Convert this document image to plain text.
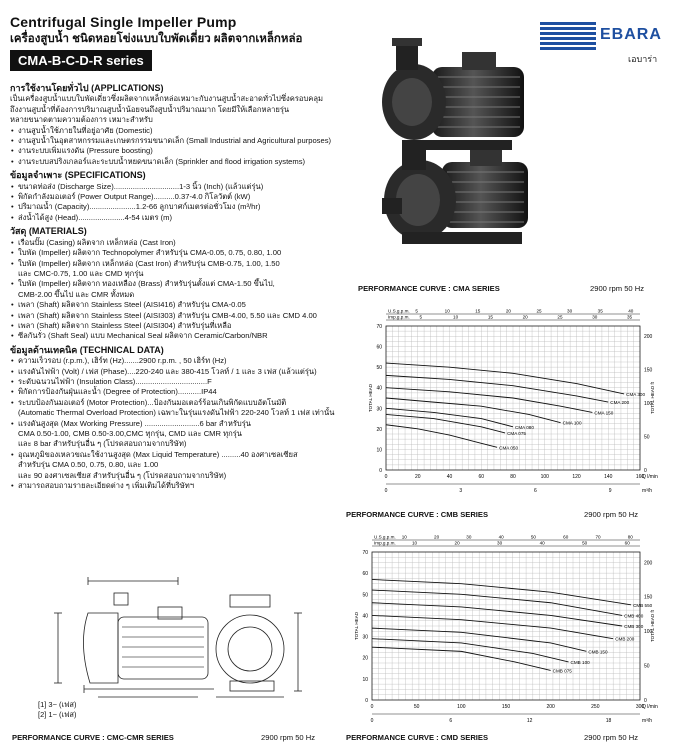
Centrifugal Single Impeller Pump
เครื่องสูบน้ำ ชนิดหอยโข่งแบบใบพัดเดี่ยว ผลิตจากเหล็กหล่อ
CMA-B-C-D-R series
EBARA
เอบาร่า
การใช้งานโดยทั่วไป (APPLICATIONS)

เป็นเครื่องสูบน้ำแบบใบพัดเดี่ยวซึ่งผลิตจากเหล็กหล่อเหมาะกับงานสูบน้ำสะอาดทั่วไปซึ่งครอบคลุม

ถึงงานสูบน้ำที่ต้องการปริมาณสูบน้ำน้อยจนถึงสูบน้ำปริมาณมาก โดยมีให้เลือกหลายรุ่น

หลายขนาดตามความต้องการ เหมาะสำหรับ

• งานสูบน้ำใช้ภายในที่อยู่อาศัย (Domestic)
• งานสูบน้ำในอุตสาหกรรมและเกษตรกรรมขนาดเล็ก (Small Industrial and Agricultural purposes)
• งานระบบเพิ่มแรงดัน (Pressure boosting)
• งานระบบสปริงเกลอร์และระบบน้ำหยดขนาดเล็ก (Sprinkler and flood irrigation systems)
ข้อมูลจำเพาะ (SPECIFICATIONS)
• ขนาดท่อส่ง (Discharge Size)...............................1-3 นิ้ว (Inch) (แล้วแต่รุ่น)
• พิกัดกำลังมอเตอร์ (Power Output Range)..........0.37-4.0 กิโลวัตต์ (kW)
• ปริมาณน้ำ (Capacity)......................1.2-66 ลูกบาศก์เมตรต่อชั่วโมง (m³/hr)
• ส่งน้ำได้สูง (Head)......................4-54 เมตร (m)
วัสดุ (MATERIALS)
• เรือนปั๊ม (Casing) ผลิตจาก เหล็กหล่อ (Cast Iron)
• ใบพัด (Impeller) ผลิตจาก Technopolymer สำหรับรุ่น CMA-0.05, 0.75, 0.80, 1.00
• ใบพัด (Impeller) ผลิตจาก เหล็กหล่อ (Cast Iron) สำหรับรุ่น CMB-0.75, 1.00, 1.50

และ CMC-0.75, 1.00 และ CMD ทุกรุ่น

• ใบพัด (Impeller) ผลิตจาก ทองเหลือง (Brass) สำหรับรุ่นตั้งแต่ CMA-1.50 ขึ้นไป,

CMB-2.00 ขึ้นไป และ CMR ทั้งหมด

• เพลา (Shaft) ผลิตจาก Stainless Steel (AISI416) สำหรับรุ่น CMA-0.05
• เพลา (Shaft) ผลิตจาก Stainless Steel (AISI303) สำหรับรุ่น CMB-4.00, 5.50 และ CMD 4.00
• เพลา (Shaft) ผลิตจาก Stainless Steel (AISI304) สำหรับรุ่นที่เหลือ
• ซีลกันรั่ว (Shaft Seal) แบบ Mechanical Seal ผลิตจาก Ceramic/Carbon/NBR
ข้อมูลด้านเทคนิค (TECHNICAL DATA)
• ความเร็วรอบ (r.p.m.), เฮิร์ท (Hz).......2900 r.p.m. , 50 เฮิร์ท (Hz)
• แรงดันไฟฟ้า (Volt) / เฟส (Phase)....220-240 และ 380-415 โวลท์ / 1 และ 3 เฟส (แล้วแต่รุ่น)
• ระดับฉนวนไฟฟ้า (Insulation Class)..................................F
• พิกัดการป้องกันฝุ่นและน้ำ (Degree of Protection)...........IP44
• ระบบป้องกันมอเตอร์ (Motor Protection)...ป้องกันมอเตอร์ร้อนเกินพิกัดแบบอัตโนมัติ

(Automatic Thermal Overload Protection) เฉพาะในรุ่นแรงดันไฟฟ้า 220-240 โวลท์ 1 เฟส เท่านั้น

• แรงดันสูงสุด (Max Working Pressure) ..........................6 bar สำหรับรุ่น

CMA 0.50-1.00, CMB 0.50-3.00,CMC ทุกรุ่น, CMD และ CMR ทุกรุ่น

และ 8 bar สำหรับรุ่นอื่น ๆ (โปรดสอบถามจากบริษัท)

• อุณหภูมิของเหลวขณะใช้งานสูงสุด (Max Liquid Temperature) .........40 องศาเซลเซียส

สำหรับรุ่น CMA 0.50, 0.75, 0.80, และ 1.00

และ 90 องศาเซลเซียส สำหรับรุ่นอื่น ๆ (โปรดสอบถามจากบริษัท)

• สามารถสอบถามรายละเอียดต่าง ๆ เพิ่มเติมได้ที่บริษัทฯ
[1] 3~ (เฟส)
[2] 1~ (เฟส)
PERFORMANCE CURVE : CMA SERIES	2900 rpm 50 Hz
PERFORMANCE CURVE : CMB SERIES	2900 rpm 50 Hz
PERFORMANCE CURVE : CMC-CMR SERIES	2900 rpm 50 Hz	PERFORMANCE CURVE : CMD SERIES	2900 rpm 50 Hz
0
10
20
30
40
50
60
70
0	20	40	60	80	100	120	140	160
Q l/min
0	3	6	9	m³/h
U.S.g.p.m. 5	10	15	20	25	30	35	40
Imp.g.p.m. 5	10	15	20	25	30	35
0
50
100
150
200
TOTAL HEAD ft
TOTAL HEAD	CMA 300
CMA 200
CMA 150
CMA 100
CMA 080
CMA 075
CMA 050
0
10
20
30
40
50
60
70
0	50	100	150	200	250	300
Q l/min
0	6	12	18	m³/h
U.S.g.p.m. 10	20	30	40	50	60	70	80
Imp.g.p.m.	10	20	30	40	50	60
0
50
100
150
200
TOTAL HEAD ft
TOTAL HEAD
CMB 550
CMB 400
CMB 300
CMB 200
CMB 150
CMB 100
CMB 075
